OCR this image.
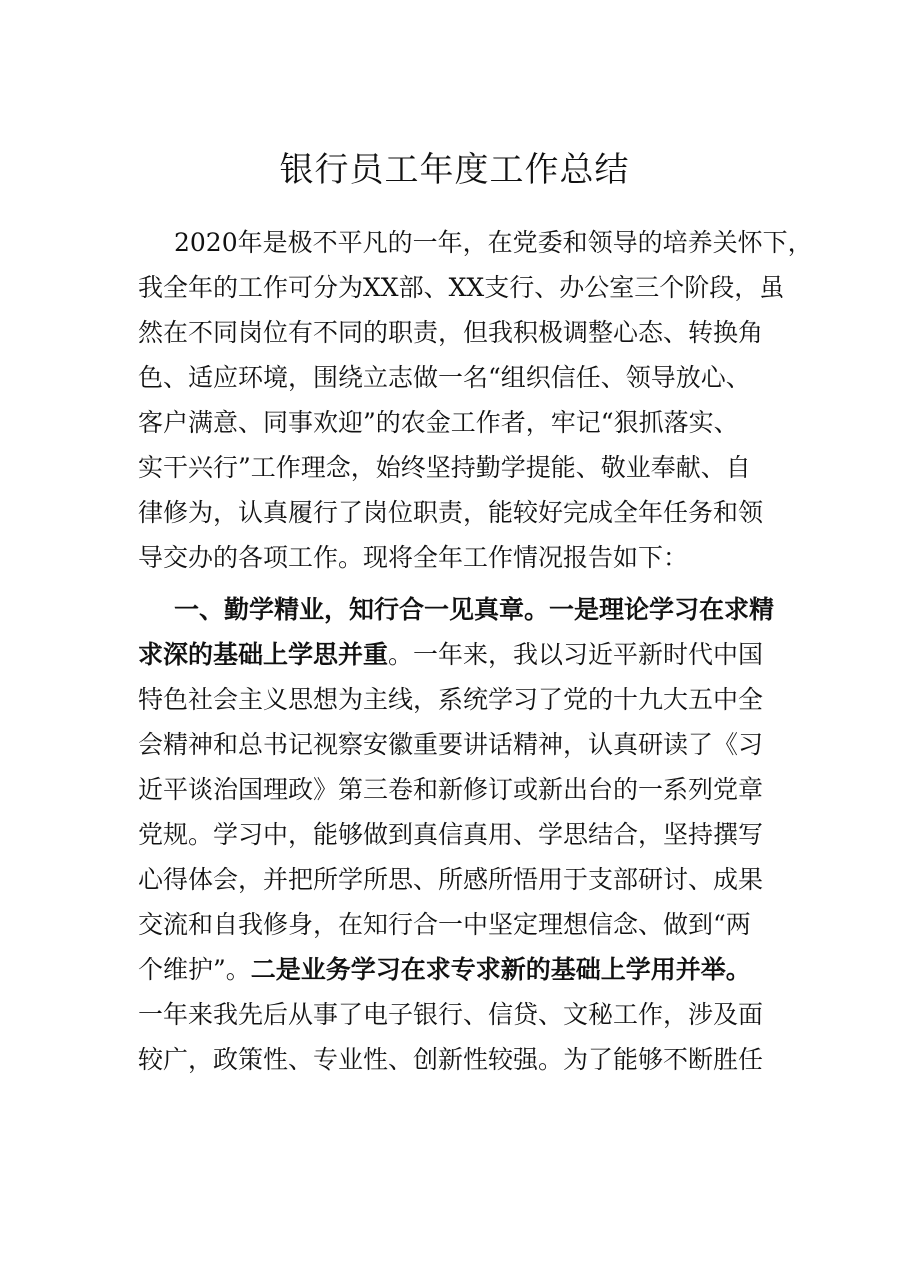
银行员工年度工作总结
2020年是极不平凡的一年，在党委和领导的培养关怀下，
我全年的工作可分为XX部、XX支行、办公室三个阶段，虽
然在不同岗位有不同的职责，但我积极调整心态、转换角
色、适应环境，围绕立志做一名“组织信任、领导放心、
客户满意、同事欢迎”的农金工作者，牢记“狠抓落实、
实干兴行”工作理念，始终坚持勤学提能、敬业奉献、自
律修为，认真履行了岗位职责，能较好完成全年任务和领
导交办的各项工作。现将全年工作情况报告如下：
一、勤学精业，知行合一见真章。一是理论学习在求精
求深的基础上学思并重。一年来，我以习近平新时代中国
特色社会主义思想为主线，系统学习了党的十九大五中全
会精神和总书记视察安徽重要讲话精神，认真研读了《习
近平谈治国理政》第三卷和新修订或新出台的一系列党章
党规。学习中，能够做到真信真用、学思结合，坚持撰写
心得体会，并把所学所思、所感所悟用于支部研讨、成果
交流和自我修身，在知行合一中坚定理想信念、做到“两
个维护”。二是业务学习在求专求新的基础上学用并举。
一年来我先后从事了电子银行、信贷、文秘工作，涉及面
较广，政策性、专业性、创新性较强。为了能够不断胜任
